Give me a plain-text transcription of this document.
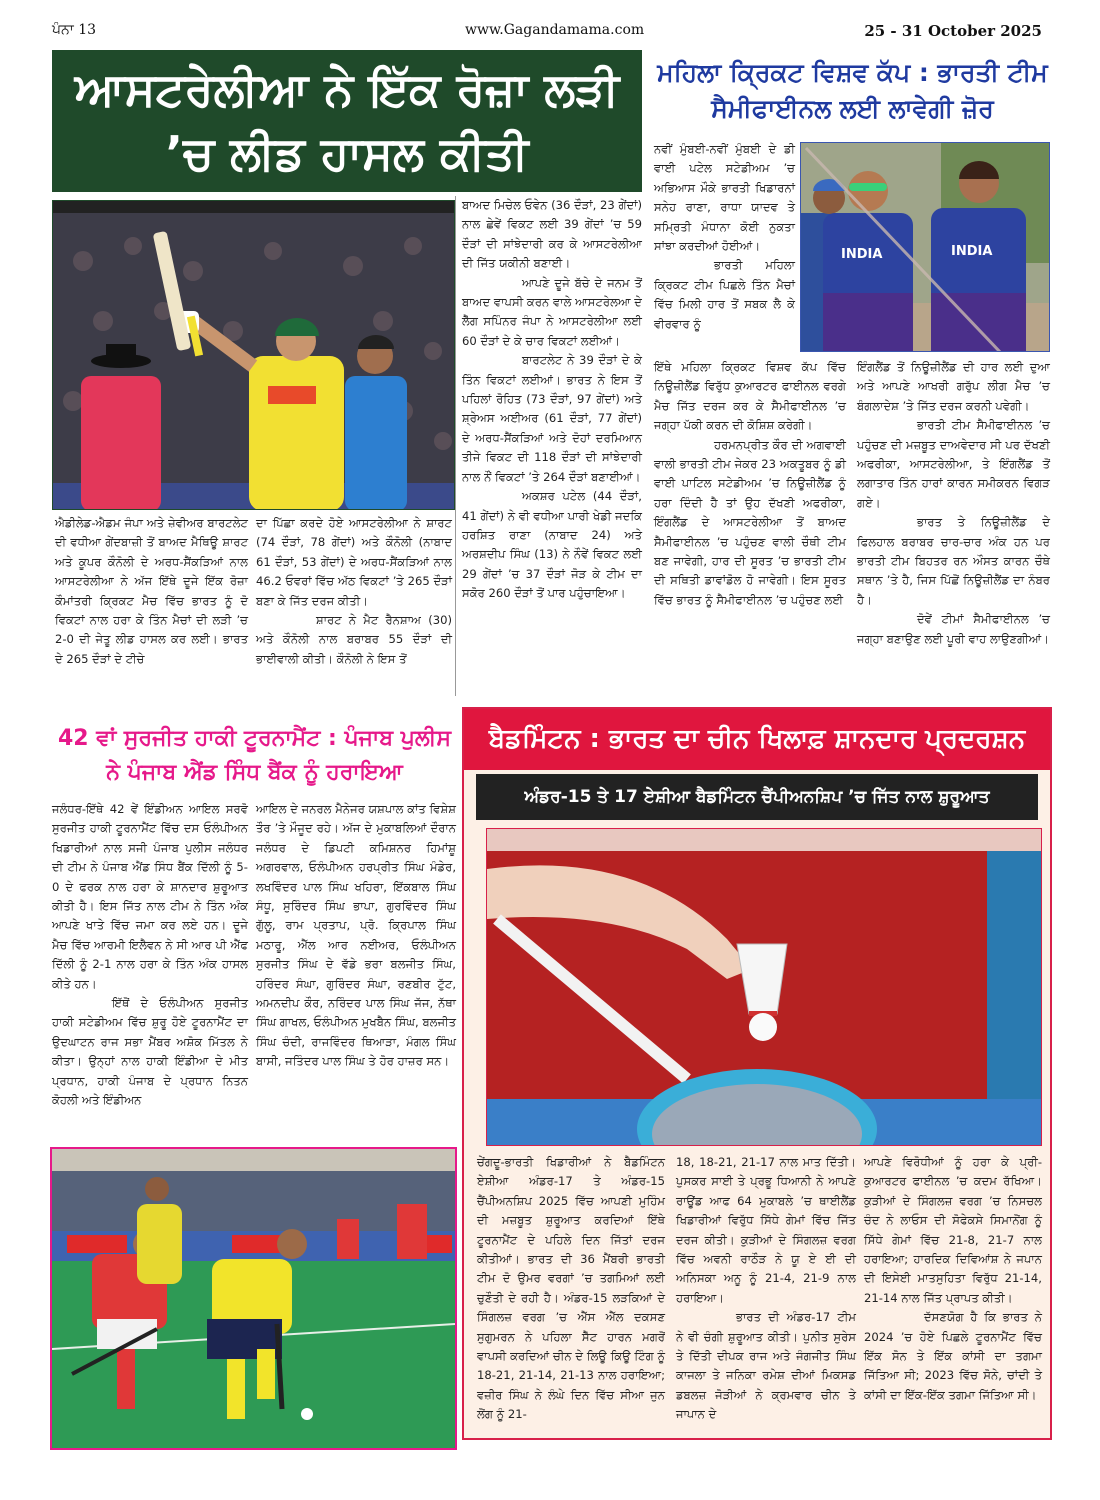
ਪੰਨਾ 13	www.Gagandamama.com	25 - 31 October 2025
ਆਸਟਰੇਲੀਆ ਨੇ ਇੱਕ ਰੋਜ਼ਾ ਲੜੀ ’ਚ ਲੀਡ ਹਾਸਲ ਕੀਤੀ

ਐਡੀਲੇਡ-ਐਡਮ ਜੰਪਾ ਅਤੇ ਜ਼ੇਵੀਅਰ ਬਾਰਟਲੇਟ ਦੀ ਵਧੀਆ ਗੇਂਦਬਾਜ਼ੀ ਤੋਂ ਬਾਅਦ ਮੈਥਿਊ ਸ਼ਾਰਟ ਅਤੇ ਕੂਪਰ ਕੌਨੋਲੀ ਦੇ ਅਰਧ-ਸੈਂਕੜਿਆਂ ਨਾਲ ਆਸਟਰੇਲੀਆ ਨੇ ਅੱਜ ਇੱਥੇ ਦੂਜੇ ਇੱਕ ਰੋਜ਼ਾ ਕੌਮਾਂਤਰੀ ਕ੍ਰਿਕਟ ਮੈਚ ਵਿੱਚ ਭਾਰਤ ਨੂੰ ਦੋ ਵਿਕਟਾਂ ਨਾਲ ਹਰਾ ਕੇ ਤਿੰਨ ਮੈਚਾਂ ਦੀ ਲੜੀ ’ਚ 2-0 ਦੀ ਜੇਤੂ ਲੀਡ ਹਾਸਲ ਕਰ ਲਈ। ਭਾਰਤ ਦੇ 265 ਦੌੜਾਂ ਦੇ ਟੀਚੇ

ਦਾ ਪਿੱਛਾ ਕਰਦੇ ਹੋਏ ਆਸਟਰੇਲੀਆ ਨੇ ਸ਼ਾਰਟ (74 ਦੌੜਾਂ, 78 ਗੇਂਦਾਂ) ਅਤੇ ਕੌਨੋਲੀ (ਨਾਬਾਦ 61 ਦੌੜਾਂ, 53 ਗੇਂਦਾਂ) ਦੇ ਅਰਧ-ਸੈਂਕੜਿਆਂ ਨਾਲ 46.2 ਓਵਰਾਂ ਵਿੱਚ ਅੱਠ ਵਿਕਟਾਂ ’ਤੇ 265 ਦੌੜਾਂ ਬਣਾ ਕੇ ਜਿੱਤ ਦਰਜ ਕੀਤੀ।

ਸ਼ਾਰਟ ਨੇ ਮੈਟ ਰੈਨਸ਼ਾਅ (30) ਅਤੇ ਕੌਨੋਲੀ ਨਾਲ ਬਰਾਬਰ 55 ਦੌੜਾਂ ਦੀ ਭਾਈਵਾਲੀ ਕੀਤੀ। ਕੌਨੋਲੀ ਨੇ ਇਸ ਤੋਂ

ਬਾਅਦ ਮਿਚੇਲ ਓਵੇਨ (36 ਦੌੜਾਂ, 23 ਗੇਂਦਾਂ) ਨਾਲ ਛੇਵੇਂ ਵਿਕਟ ਲਈ 39 ਗੇਂਦਾਂ ’ਚ 59 ਦੌੜਾਂ ਦੀ ਸਾਂਝੇਦਾਰੀ ਕਰ ਕੇ ਆਸਟਰੇਲੀਆ ਦੀ ਜਿੱਤ ਯਕੀਨੀ ਬਣਾਈ।

ਆਪਣੇ ਦੂਜੇ ਬੱਚੇ ਦੇ ਜਨਮ ਤੋਂ ਬਾਅਦ ਵਾਪਸੀ ਕਰਨ ਵਾਲੇ ਆਸਟਰੇਲਆ ਦੇ ਲੈੱਗ ਸਪਿੰਨਰ ਜੰਪਾ ਨੇ ਆਸਟਰੇਲੀਆ ਲਈ 60 ਦੌੜਾਂ ਦੇ ਕੇ ਚਾਰ ਵਿਕਟਾਂ ਲਈਆਂ।

ਬਾਰਟਲੇਟ ਨੇ 39 ਦੌੜਾਂ ਦੇ ਕੇ ਤਿੰਨ ਵਿਕਟਾਂ ਲਈਆਂ। ਭਾਰਤ ਨੇ ਇਸ ਤੋਂ ਪਹਿਲਾਂ ਰੋਹਿਤ (73 ਦੌੜਾਂ, 97 ਗੇਂਦਾਂ) ਅਤੇ ਸ਼੍ਰੇਅਸ ਅਈਅਰ (61 ਦੌੜਾਂ, 77 ਗੇਂਦਾਂ) ਦੇ ਅਰਧ-ਸੈਂਕੜਿਆਂ ਅਤੇ ਦੋਹਾਂ ਦਰਮਿਆਨ ਤੀਜੇ ਵਿਕਟ ਦੀ 118 ਦੌੜਾਂ ਦੀ ਸਾਂਝੇਦਾਰੀ ਨਾਲ ਨੌਂ ਵਿਕਟਾਂ ’ਤੇ 264 ਦੌੜਾਂ ਬਣਾਈਆਂ।

ਅਕਸ਼ਰ ਪਟੇਲ (44 ਦੌੜਾਂ, 41 ਗੇਂਦਾਂ) ਨੇ ਵੀ ਵਧੀਆ ਪਾਰੀ ਖੇਡੀ ਜਦਕਿ ਹਰਸ਼ਿਤ ਰਾਣਾ (ਨਾਬਾਦ 24) ਅਤੇ ਅਰਸ਼ਦੀਪ ਸਿੰਘ (13) ਨੇ ਨੌਵੇਂ ਵਿਕਟ ਲਈ 29 ਗੇਂਦਾਂ ’ਚ 37 ਦੌੜਾਂ ਜੋੜ ਕੇ ਟੀਮ ਦਾ ਸਕੋਰ 260 ਦੌੜਾਂ ਤੋਂ ਪਾਰ ਪਹੁੰਚਾਇਆ।

ਮਹਿਲਾ ਕ੍ਰਿਕਟ ਵਿਸ਼ਵ ਕੱਪ : ਭਾਰਤੀ ਟੀਮ ਸੈਮੀਫਾਈਨਲ ਲਈ ਲਾਵੇਗੀ ਜ਼ੋਰ

ਨਵੀਂ ਮੁੰਬਈ-ਨਵੀਂ ਮੁੰਬਈ ਦੇ ਡੀ ਵਾਈ ਪਟੇਲ ਸਟੇਡੀਅਮ ’ਚ ਅਭਿਆਸ ਮੌਕੇ ਭਾਰਤੀ ਖਿਡਾਰਨਾਂ ਸਨੇਹ ਰਾਣਾ, ਰਾਧਾ ਯਾਦਵ ਤੇ ਸਮ੍ਰਿਤੀ ਮੰਧਾਨਾ ਕੋਈ ਨੁਕਤਾ ਸਾਂਝਾ ਕਰਦੀਆਂ ਹੋਈਆਂ।

ਭਾਰਤੀ ਮਹਿਲਾ ਕ੍ਰਿਕਟ ਟੀਮ ਪਿਛਲੇ ਤਿੰਨ ਮੈਚਾਂ ਵਿੱਚ ਮਿਲੀ ਹਾਰ ਤੋਂ ਸਬਕ ਲੈ ਕੇ ਵੀਰਵਾਰ ਨੂੰ

INDIA	INDIA

ਇੱਥੇ ਮਹਿਲਾ ਕ੍ਰਿਕਟ ਵਿਸ਼ਵ ਕੱਪ ਵਿੱਚ ਨਿਊਜ਼ੀਲੈਂਡ ਵਿਰੁੱਧ ਕੁਆਰਟਰ ਫਾਈਨਲ ਵਰਗੇ ਮੈਚ ਜਿੱਤ ਦਰਜ ਕਰ ਕੇ ਸੈਮੀਫਾਈਨਲ ’ਚ ਜਗ੍ਹਾ ਪੱਕੀ ਕਰਨ ਦੀ ਕੋਸ਼ਿਸ਼ ਕਰੇਗੀ।

ਹਰਮਨਪ੍ਰੀਤ ਕੌਰ ਦੀ ਅਗਵਾਈ ਵਾਲੀ ਭਾਰਤੀ ਟੀਮ ਜੇਕਰ 23 ਅਕਤੂਬਰ ਨੂੰ ਡੀ ਵਾਈ ਪਾਟਿਲ ਸਟੇਡੀਅਮ ’ਚ ਨਿਊਜ਼ੀਲੈਂਡ ਨੂੰ ਹਰਾ ਦਿੰਦੀ ਹੈ ਤਾਂ ਉਹ ਦੱਖਣੀ ਅਫਰੀਕਾ, ਇੰਗਲੈਂਡ ਦੇ ਆਸਟਰੇਲੀਆ ਤੋਂ ਬਾਅਦ ਸੈਮੀਫਾਈਨਲ ’ਚ ਪਹੁੰਚਣ ਵਾਲੀ ਚੌਥੀ ਟੀਮ ਬਣ ਜਾਵੇਗੀ, ਹਾਰ ਦੀ ਸੂਰਤ ’ਚ ਭਾਰਤੀ ਟੀਮ ਦੀ ਸਥਿਤੀ ਡਾਵਾਂਡੋਲ ਹੋ ਜਾਵੇਗੀ। ਇਸ ਸੂਰਤ ਵਿੱਚ ਭਾਰਤ ਨੂੰ ਸੈਮੀਫਾਈਨਲ ’ਚ ਪਹੁੰਚਣ ਲਈ

ਇੰਗਲੈਂਡ ਤੋਂ ਨਿਊਜ਼ੀਲੈਂਡ ਦੀ ਹਾਰ ਲਈ ਦੁਆ ਅਤੇ ਆਪਣੇ ਆਖਰੀ ਗਰੁੱਪ ਲੀਗ ਮੈਚ ’ਚ ਬੰਗਲਾਦੇਸ਼ ’ਤੇ ਜਿੱਤ ਦਰਜ ਕਰਨੀ ਪਵੇਗੀ।

ਭਾਰਤੀ ਟੀਮ ਸੈਮੀਫਾਈਨਲ ’ਚ ਪਹੁੰਚਣ ਦੀ ਮਜ਼ਬੂਤ ਦਾਅਵੇਦਾਰ ਸੀ ਪਰ ਦੱਖਣੀ ਅਫਰੀਕਾ, ਆਸਟਰੇਲੀਆ, ਤੇ ਇੰਗਲੈਂਡ ਤੋਂ ਲਗਾਤਾਰ ਤਿੰਨ ਹਾਰਾਂ ਕਾਰਨ ਸਮੀਕਰਨ ਵਿਗੜ ਗਏ।

ਭਾਰਤ ਤੇ ਨਿਊਜ਼ੀਲੈਂਡ ਦੇ ਫਿਲਹਾਲ ਬਰਾਬਰ ਚਾਰ-ਚਾਰ ਅੰਕ ਹਨ ਪਰ ਭਾਰਤੀ ਟੀਮ ਬਿਹਤਰ ਰਨ ਔਸਤ ਕਾਰਨ ਚੌਥੇ ਸਥਾਨ ’ਤੇ ਹੈ, ਜਿਸ ਪਿੱਛੋਂ ਨਿਊਜ਼ੀਲੈਂਡ ਦਾ ਨੰਬਰ ਹੈ।

ਦੋਵੇਂ ਟੀਮਾਂ ਸੈਮੀਫਾਈਨਲ ’ਚ ਜਗ੍ਹਾ ਬਣਾਉਣ ਲਈ ਪੂਰੀ ਵਾਹ ਲਾਉਣਗੀਆਂ।

42 ਵਾਂ ਸੁਰਜੀਤ ਹਾਕੀ ਟੂਰਨਾਮੈਂਟ : ਪੰਜਾਬ ਪੁਲੀਸ ਨੇ ਪੰਜਾਬ ਐਂਡ ਸਿੰਧ ਬੈਂਕ ਨੂੰ ਹਰਾਇਆ

ਜਲੰਧਰ-ਇੱਥੇ 42 ਵੇਂ ਇੰਡੀਅਨ ਆਇਲ ਸਰਵੋ ਸੁਰਜੀਤ ਹਾਕੀ ਟੂਰਨਾਮੈਂਟ ਵਿੱਚ ਦਸ ਓਲੰਪੀਅਨ ਖਿਡਾਰੀਆਂ ਨਾਲ ਸਜੀ ਪੰਜਾਬ ਪੁਲੀਸ ਜਲੰਧਰ ਦੀ ਟੀਮ ਨੇ ਪੰਜਾਬ ਐਂਡ ਸਿੰਧ ਬੈਂਕ ਦਿੱਲੀ ਨੂੰ 5-0 ਦੇ ਫਰਕ ਨਾਲ ਹਰਾ ਕੇ ਸ਼ਾਨਦਾਰ ਸ਼ੁਰੂਆਤ ਕੀਤੀ ਹੈ। ਇਸ ਜਿੱਤ ਨਾਲ ਟੀਮ ਨੇ ਤਿੰਨ ਅੰਕ ਆਪਣੇ ਖਾਤੇ ਵਿੱਚ ਜਮਾ ਕਰ ਲਏ ਹਨ। ਦੂਜੇ ਮੈਚ ਵਿੱਚ ਆਰਮੀ ਇਲੈਵਨ ਨੇ ਸੀ ਆਰ ਪੀ ਐੱਫ ਦਿੱਲੀ ਨੂੰ 2-1 ਨਾਲ ਹਰਾ ਕੇ ਤਿੰਨ ਅੰਕ ਹਾਸਲ ਕੀਤੇ ਹਨ।

ਇੱਥੋਂ ਦੇ ਓਲੰਪੀਅਨ ਸੁਰਜੀਤ ਹਾਕੀ ਸਟੇਡੀਅਮ ਵਿੱਚ ਸ਼ੁਰੂ ਹੋਏ ਟੂਰਨਾਮੈਂਟ ਦਾ ਉਦਘਾਟਨ ਰਾਜ ਸਭਾ ਮੈਂਬਰ ਅਸ਼ੋਕ ਮਿੱਤਲ ਨੇ ਕੀਤਾ। ਉਨ੍ਹਾਂ ਨਾਲ ਹਾਕੀ ਇੰਡੀਆ ਦੇ ਮੀਤ ਪ੍ਰਧਾਨ, ਹਾਕੀ ਪੰਜਾਬ ਦੇ ਪ੍ਰਧਾਨ ਨਿਤਨ ਕੋਹਲੀ ਅਤੇ ਇੰਡੀਅਨ

ਆਇਲ ਦੇ ਜਨਰਲ ਮੈਨੇਜਰ ਯਸ਼ਪਾਲ ਕਾਂਤ ਵਿਸ਼ੇਸ਼ ਤੌਰ ’ਤੇ ਮੌਜੂਦ ਰਹੇ। ਅੱਜ ਦੇ ਮੁਕਾਬਲਿਆਂ ਦੌਰਾਨ ਜਲੰਧਰ ਦੇ ਡਿਪਟੀ ਕਮਿਸ਼ਨਰ ਹਿਮਾਂਸ਼ੂ ਅਗਰਵਾਲ, ਓਲੰਪੀਅਨ ਹਰਪ੍ਰੀਤ ਸਿੰਘ ਮੰਡੇਰ, ਲਖਵਿੰਦਰ ਪਾਲ ਸਿੰਘ ਖਹਿਰਾ, ਇੱਕਬਾਲ ਸਿੰਘ ਸੰਧੂ, ਸੁਰਿੰਦਰ ਸਿੰਘ ਭਾਪਾ, ਗੁਰਵਿੰਦਰ ਸਿੰਘ ਗੁੱਲੂ, ਰਾਮ ਪ੍ਰਤਾਪ, ਪ੍ਰੋ. ਕ੍ਰਿਪਾਲ ਸਿੰਘ ਮਠਾਰੂ, ਐੱਲ ਆਰ ਨਈਅਰ, ਓਲੰਪੀਅਨ ਸੁਰਜੀਤ ਸਿੰਘ ਦੇ ਵੱਡੇ ਭਰਾ ਬਲਜੀਤ ਸਿੰਘ, ਹਰਿੰਦਰ ਸੰਘਾ, ਗੁਰਿੰਦਰ ਸੰਘਾ, ਰਣਬੀਰ ਟੁੱਟ, ਅਮਨਦੀਪ ਕੌਰ, ਨਰਿੰਦਰ ਪਾਲ ਸਿੰਘ ਜੱਜ, ਨੱਥਾ ਸਿੰਘ ਗਾਖਲ, ਓਲੰਪੀਅਨ ਮੁਖਬੈਨ ਸਿੰਘ, ਬਲਜੀਤ ਸਿੰਘ ਚੰਦੀ, ਰਾਜਵਿੰਦਰ ਥਿਆੜਾ, ਮੰਗਲ ਸਿੰਘ ਬਾਸੀ, ਜਤਿੰਦਰ ਪਾਲ ਸਿੰਘ ਤੇ ਹੋਰ ਹਾਜ਼ਰ ਸਨ।

ਬੈਡਮਿੰਟਨ : ਭਾਰਤ ਦਾ ਚੀਨ ਖਿਲਾਫ਼ ਸ਼ਾਨਦਾਰ ਪ੍ਰਦਰਸ਼ਨ
ਅੰਡਰ-15 ਤੇ 17 ਏਸ਼ੀਆ ਬੈਡਮਿੰਟਨ ਚੈਂਪੀਅਨਸ਼ਿਪ ’ਚ ਜਿੱਤ ਨਾਲ ਸ਼ੁਰੂਆਤ

ਚੇਂਗਦੂ-ਭਾਰਤੀ ਖਿਡਾਰੀਆਂ ਨੇ ਬੈਡਮਿੰਟਨ ਏਸ਼ੀਆ ਅੰਡਰ-17 ਤੇ ਅੰਡਰ-15 ਚੈਂਪੀਅਨਸ਼ਿਪ 2025 ਵਿੱਚ ਆਪਣੀ ਮੁਹਿੰਮ ਦੀ ਮਜ਼ਬੂਤ ਸ਼ੁਰੂਆਤ ਕਰਦਿਆਂ ਇੱਥੇ ਟੂਰਨਾਮੈਂਟ ਦੇ ਪਹਿਲੇ ਦਿਨ ਜਿੱਤਾਂ ਦਰਜ ਕੀਤੀਆਂ। ਭਾਰਤ ਦੀ 36 ਮੈਂਬਰੀ ਭਾਰਤੀ ਟੀਮ ਦੋ ਉਮਰ ਵਰਗਾਂ ’ਚ ਤਗਮਿਆਂ ਲਈ ਚੁਣੌਤੀ ਦੇ ਰਹੀ ਹੈ। ਅੰਡਰ-15 ਲੜਕਿਆਂ ਦੇ ਸਿੰਗਲਜ਼ ਵਰਗ ’ਚ ਐੱਸ ਐੱਲ ਦਕਸਣ ਸੁਗੁਮਰਨ ਨੇ ਪਹਿਲਾ ਸੈੱਟ ਹਾਰਨ ਮਗਰੋਂ ਵਾਪਸੀ ਕਰਦਿਆਂ ਚੀਨ ਦੇ ਲਿਊ ਕਿਊ ਟਿੰਗ ਨੂੰ 18-21, 21-14, 21-13 ਨਾਲ ਹਰਾਇਆ; ਵਜ਼ੀਰ ਸਿੰਘ ਨੇ ਲੰਘੇ ਦਿਨ ਵਿੱਚ ਸੀਆ ਜੁਨ ਲੋਂਗ ਨੂੰ 21-

18, 18-21, 21-17 ਨਾਲ ਮਾਤ ਦਿੱਤੀ। ਪੁਸਕਰ ਸਾਈ ਤੇ ਪ੍ਰਭੂ ਧਿਆਨੀ ਨੇ ਆਪਣੇ ਰਾਊਂਡ ਆਫ 64 ਮੁਕਾਬਲੇ ’ਚ ਥਾਈਲੈਂਡ ਖਿਡਾਰੀਆਂ ਵਿਰੁੱਧ ਸਿੱਧੇ ਗੇਮਾਂ ਵਿੱਚ ਜਿੱਤ ਦਰਜ ਕੀਤੀ। ਕੁੜੀਆਂ ਦੇ ਸਿੰਗਲਜ਼ ਵਰਗ ਵਿੱਚ ਅਵਨੀ ਰਾਠੌੜ ਨੇ ਯੂ ਏ ਈ ਦੀ ਅਨਿਸਕਾ ਅਨੂ ਨੂੰ 21-4, 21-9 ਨਾਲ ਹਰਾਇਆ।

ਭਾਰਤ ਦੀ ਅੰਡਰ-17 ਟੀਮ ਨੇ ਵੀ ਚੰਗੀ ਸ਼ੁਰੂਆਤ ਕੀਤੀ। ਪੁਨੀਤ ਸੁਰੇਸ ਤੇ ਦਿੱਤੀ ਦੀਪਕ ਰਾਜ ਅਤੇ ਜੰਗਜੀਤ ਸਿੰਘ ਕਾਜਲਾ ਤੇ ਜਨਿਕਾ ਰਮੇਸ਼ ਦੀਆਂ ਮਿਕਸਡ ਡਬਲਜ਼ ਜੋੜੀਆਂ ਨੇ ਕ੍ਰਮਵਾਰ ਚੀਨ ਤੇ ਜਾਪਾਨ ਦੇ

ਆਪਣੇ ਵਿਰੋਧੀਆਂ ਨੂੰ ਹਰਾ ਕੇ ਪ੍ਰੀ-ਕੁਆਰਟਰ ਫਾਈਨਲ ’ਚ ਕਦਮ ਰੱਖਿਆ। ਕੁੜੀਆਂ ਦੇ ਸਿੰਗਲਜ਼ ਵਰਗ ’ਚ ਨਿਸਚਲ ਚੰਦ ਨੇ ਲਾਓਸ ਦੀ ਸੋਫੇਕਸੇ ਸਿਮਾਨੋਂਗ ਨੂੰ ਸਿੱਧੇ ਗੇਮਾਂ ਵਿੱਚ 21-8, 21-7 ਨਾਲ ਹਰਾਇਆ; ਹਾਰਦਿਕ ਦਿਵਿਆਂਸ਼ ਨੇ ਜਪਾਨ ਦੀ ਇਸੇਈ ਮਾਤਸੁਹਿਤਾ ਵਿਰੁੱਧ 21-14, 21-14 ਨਾਲ ਜਿੱਤ ਪ੍ਰਾਪਤ ਕੀਤੀ।

ਦੱਸਣਯੋਗ ਹੈ ਕਿ ਭਾਰਤ ਨੇ 2024 ’ਚ ਹੋਏ ਪਿਛਲੇ ਟੂਰਨਾਮੈਂਟ ਵਿੱਚ ਇੱਕ ਸੋਨ ਤੇ ਇੱਕ ਕਾਂਸੀ ਦਾ ਤਗਮਾ ਜਿੱਤਿਆ ਸੀ; 2023 ਵਿੱਚ ਸੋਨੇ, ਚਾਂਦੀ ਤੇ ਕਾਂਸੀ ਦਾ ਇੱਕ-ਇੱਕ ਤਗਮਾ ਜਿੱਤਿਆ ਸੀ।
